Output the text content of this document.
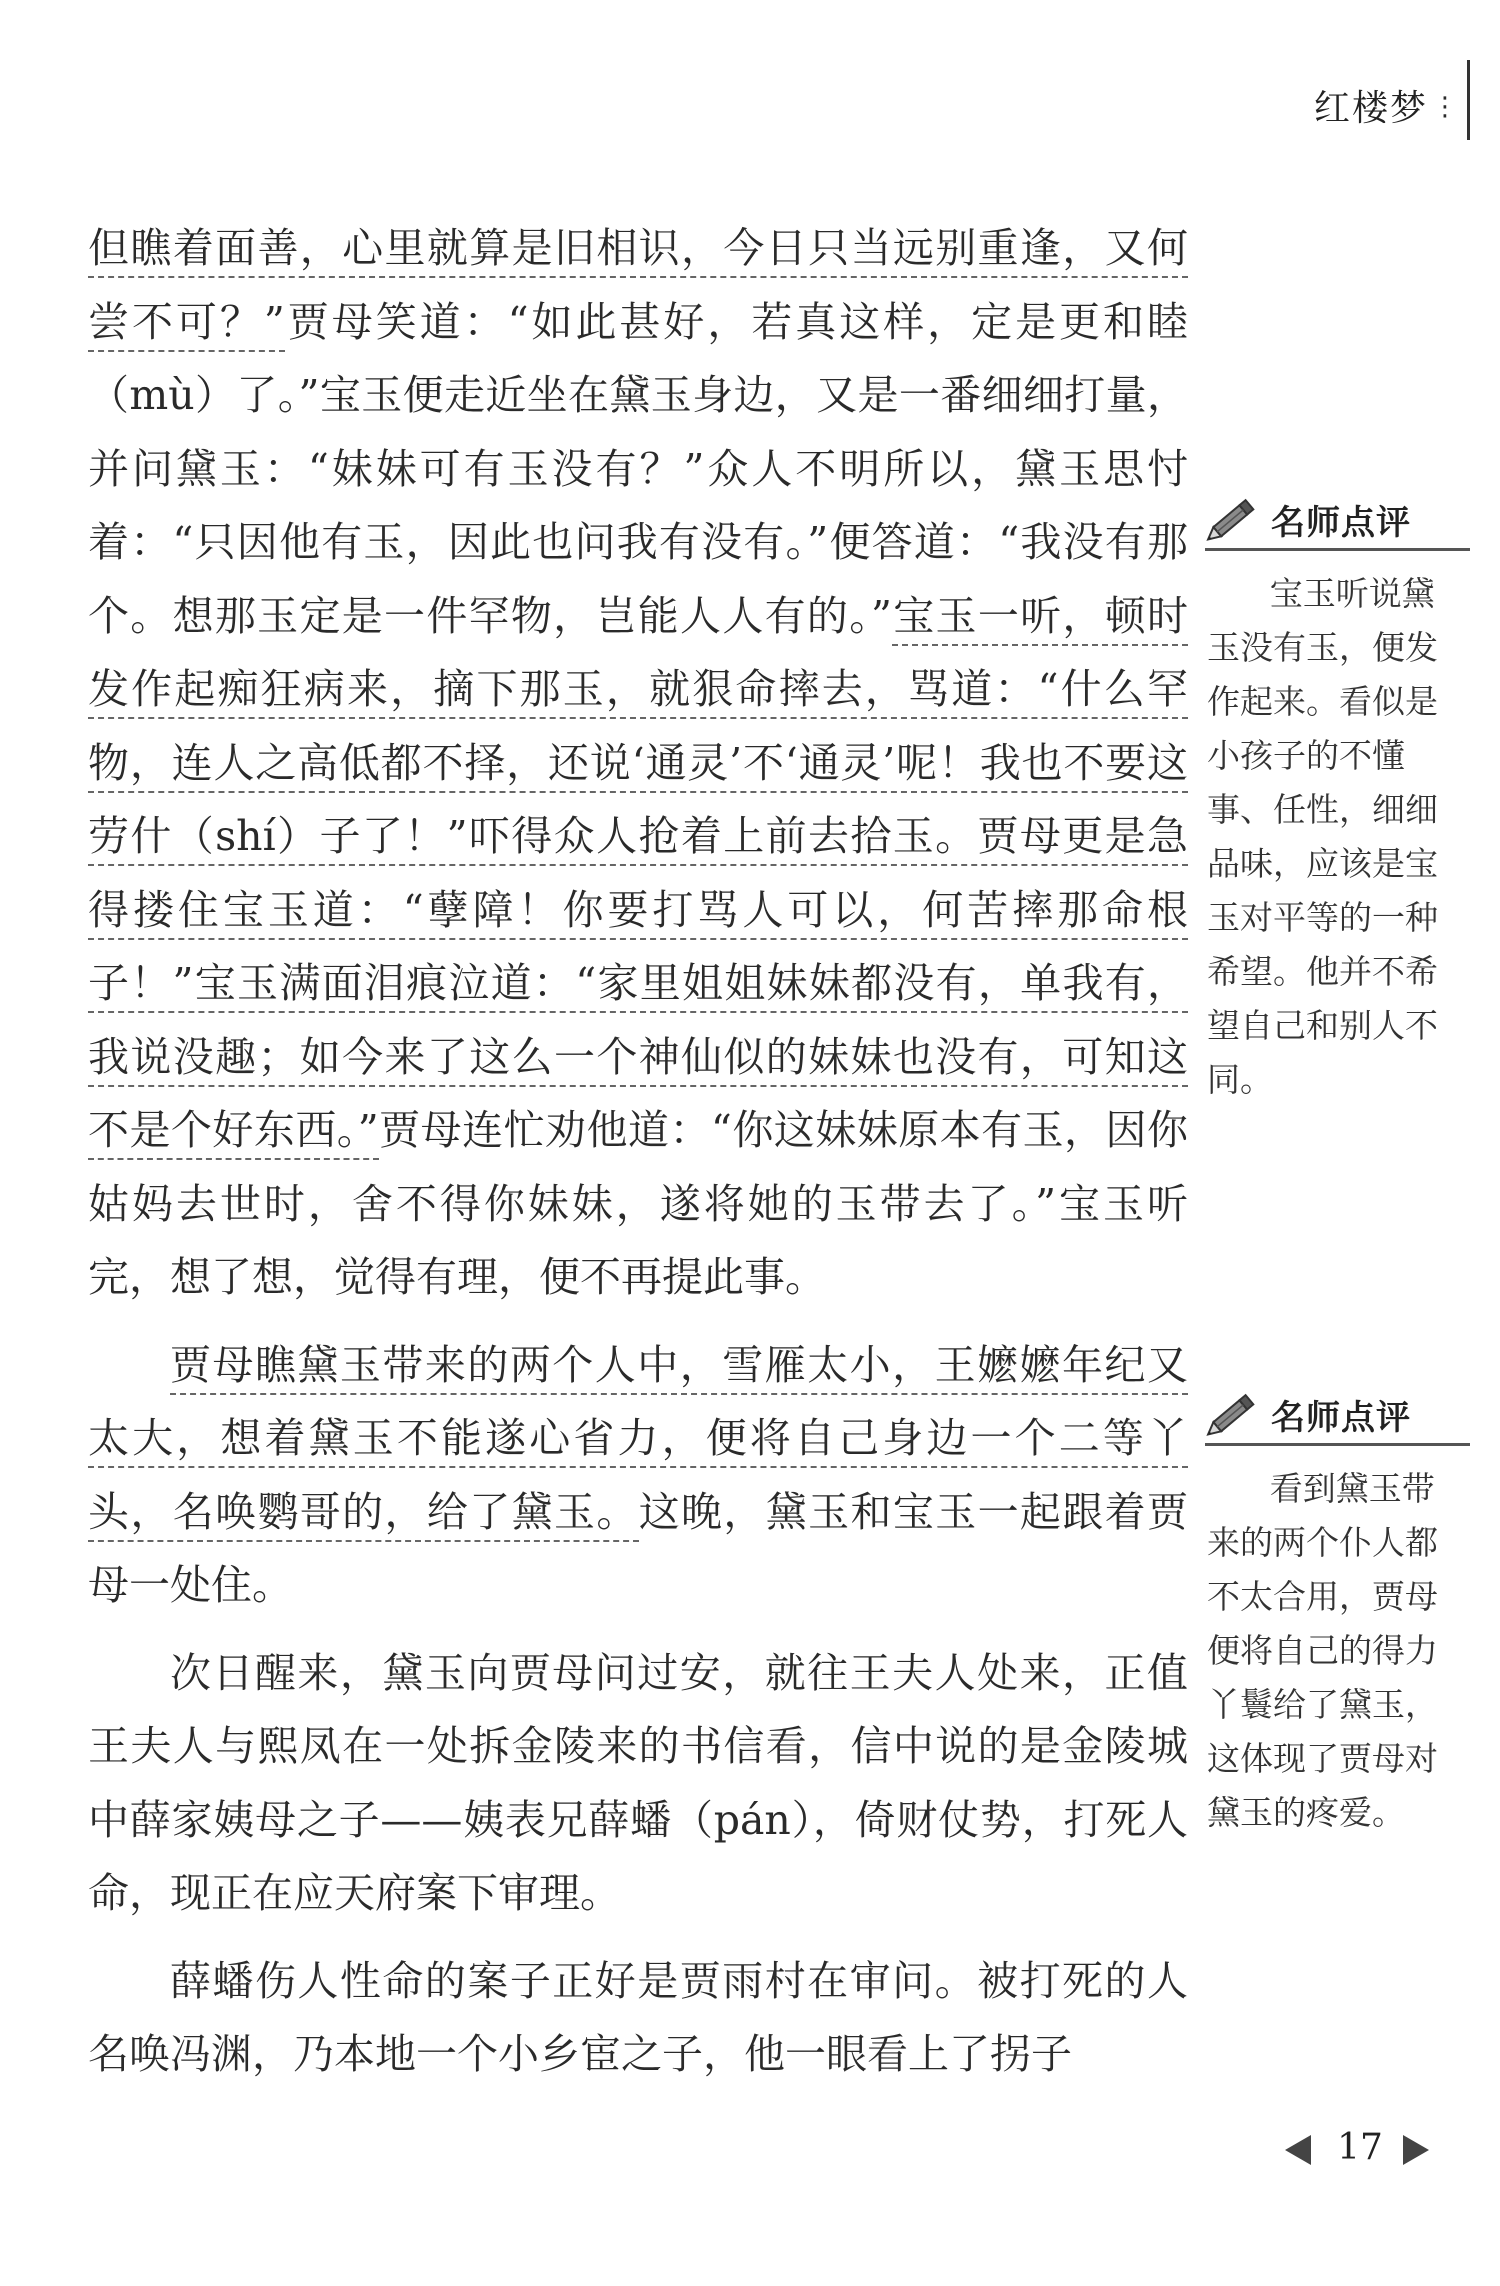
红楼梦 ⋮

但瞧着面善，心里就算是旧相识，今日只当远别重逢，又何尝不可？”贾母笑道：“如此甚好，若真这样，定是更和睦（mù）了。”宝玉便走近坐在黛玉身边，又是一番细细打量，并问黛玉：“妹妹可有玉没有？”众人不明所以，黛玉思忖着：“只因他有玉，因此也问我有没有。”便答道：“我没有那个。想那玉定是一件罕物，岂能人人有的。”宝玉一听，顿时发作起痴狂病来，摘下那玉，就狠命摔去，骂道：“什么罕物，连人之高低都不择，还说‘通灵’不‘通灵’呢！我也不要这劳什（shí）子了！”吓得众人抢着上前去拾玉。贾母更是急得搂住宝玉道：“孽障！你要打骂人可以，何苦摔那命根子！”宝玉满面泪痕泣道：“家里姐姐妹妹都没有，单我有，我说没趣；如今来了这么一个神仙似的妹妹也没有，可知这不是个好东西。”贾母连忙劝他道：“你这妹妹原本有玉，因你姑妈去世时，舍不得你妹妹，遂将她的玉带去了。”宝玉听完，想了想，觉得有理，便不再提此事。

贾母瞧黛玉带来的两个人中，雪雁太小，王嬷嬷年纪又太大，想着黛玉不能遂心省力，便将自己身边一个二等丫头，名唤鹦哥的，给了黛玉。这晚，黛玉和宝玉一起跟着贾母一处住。

次日醒来，黛玉向贾母问过安，就往王夫人处来，正值王夫人与熙凤在一处拆金陵来的书信看，信中说的是金陵城中薛家姨母之子——姨表兄薛蟠（pán），倚财仗势，打死人命，现正在应天府案下审理。

薛蟠伤人性命的案子正好是贾雨村在审问。被打死的人名唤冯渊，乃本地一个小乡宦之子，他一眼看上了拐子

名师点评
宝玉听说黛玉没有玉，便发作起来。看似是小孩子的不懂事、任性，细细品味，应该是宝玉对平等的一种希望。他并不希望自己和别人不同。
名师点评
看到黛玉带来的两个仆人都不太合用，贾母便将自己的得力丫鬟给了黛玉，这体现了贾母对黛玉的疼爱。
17
